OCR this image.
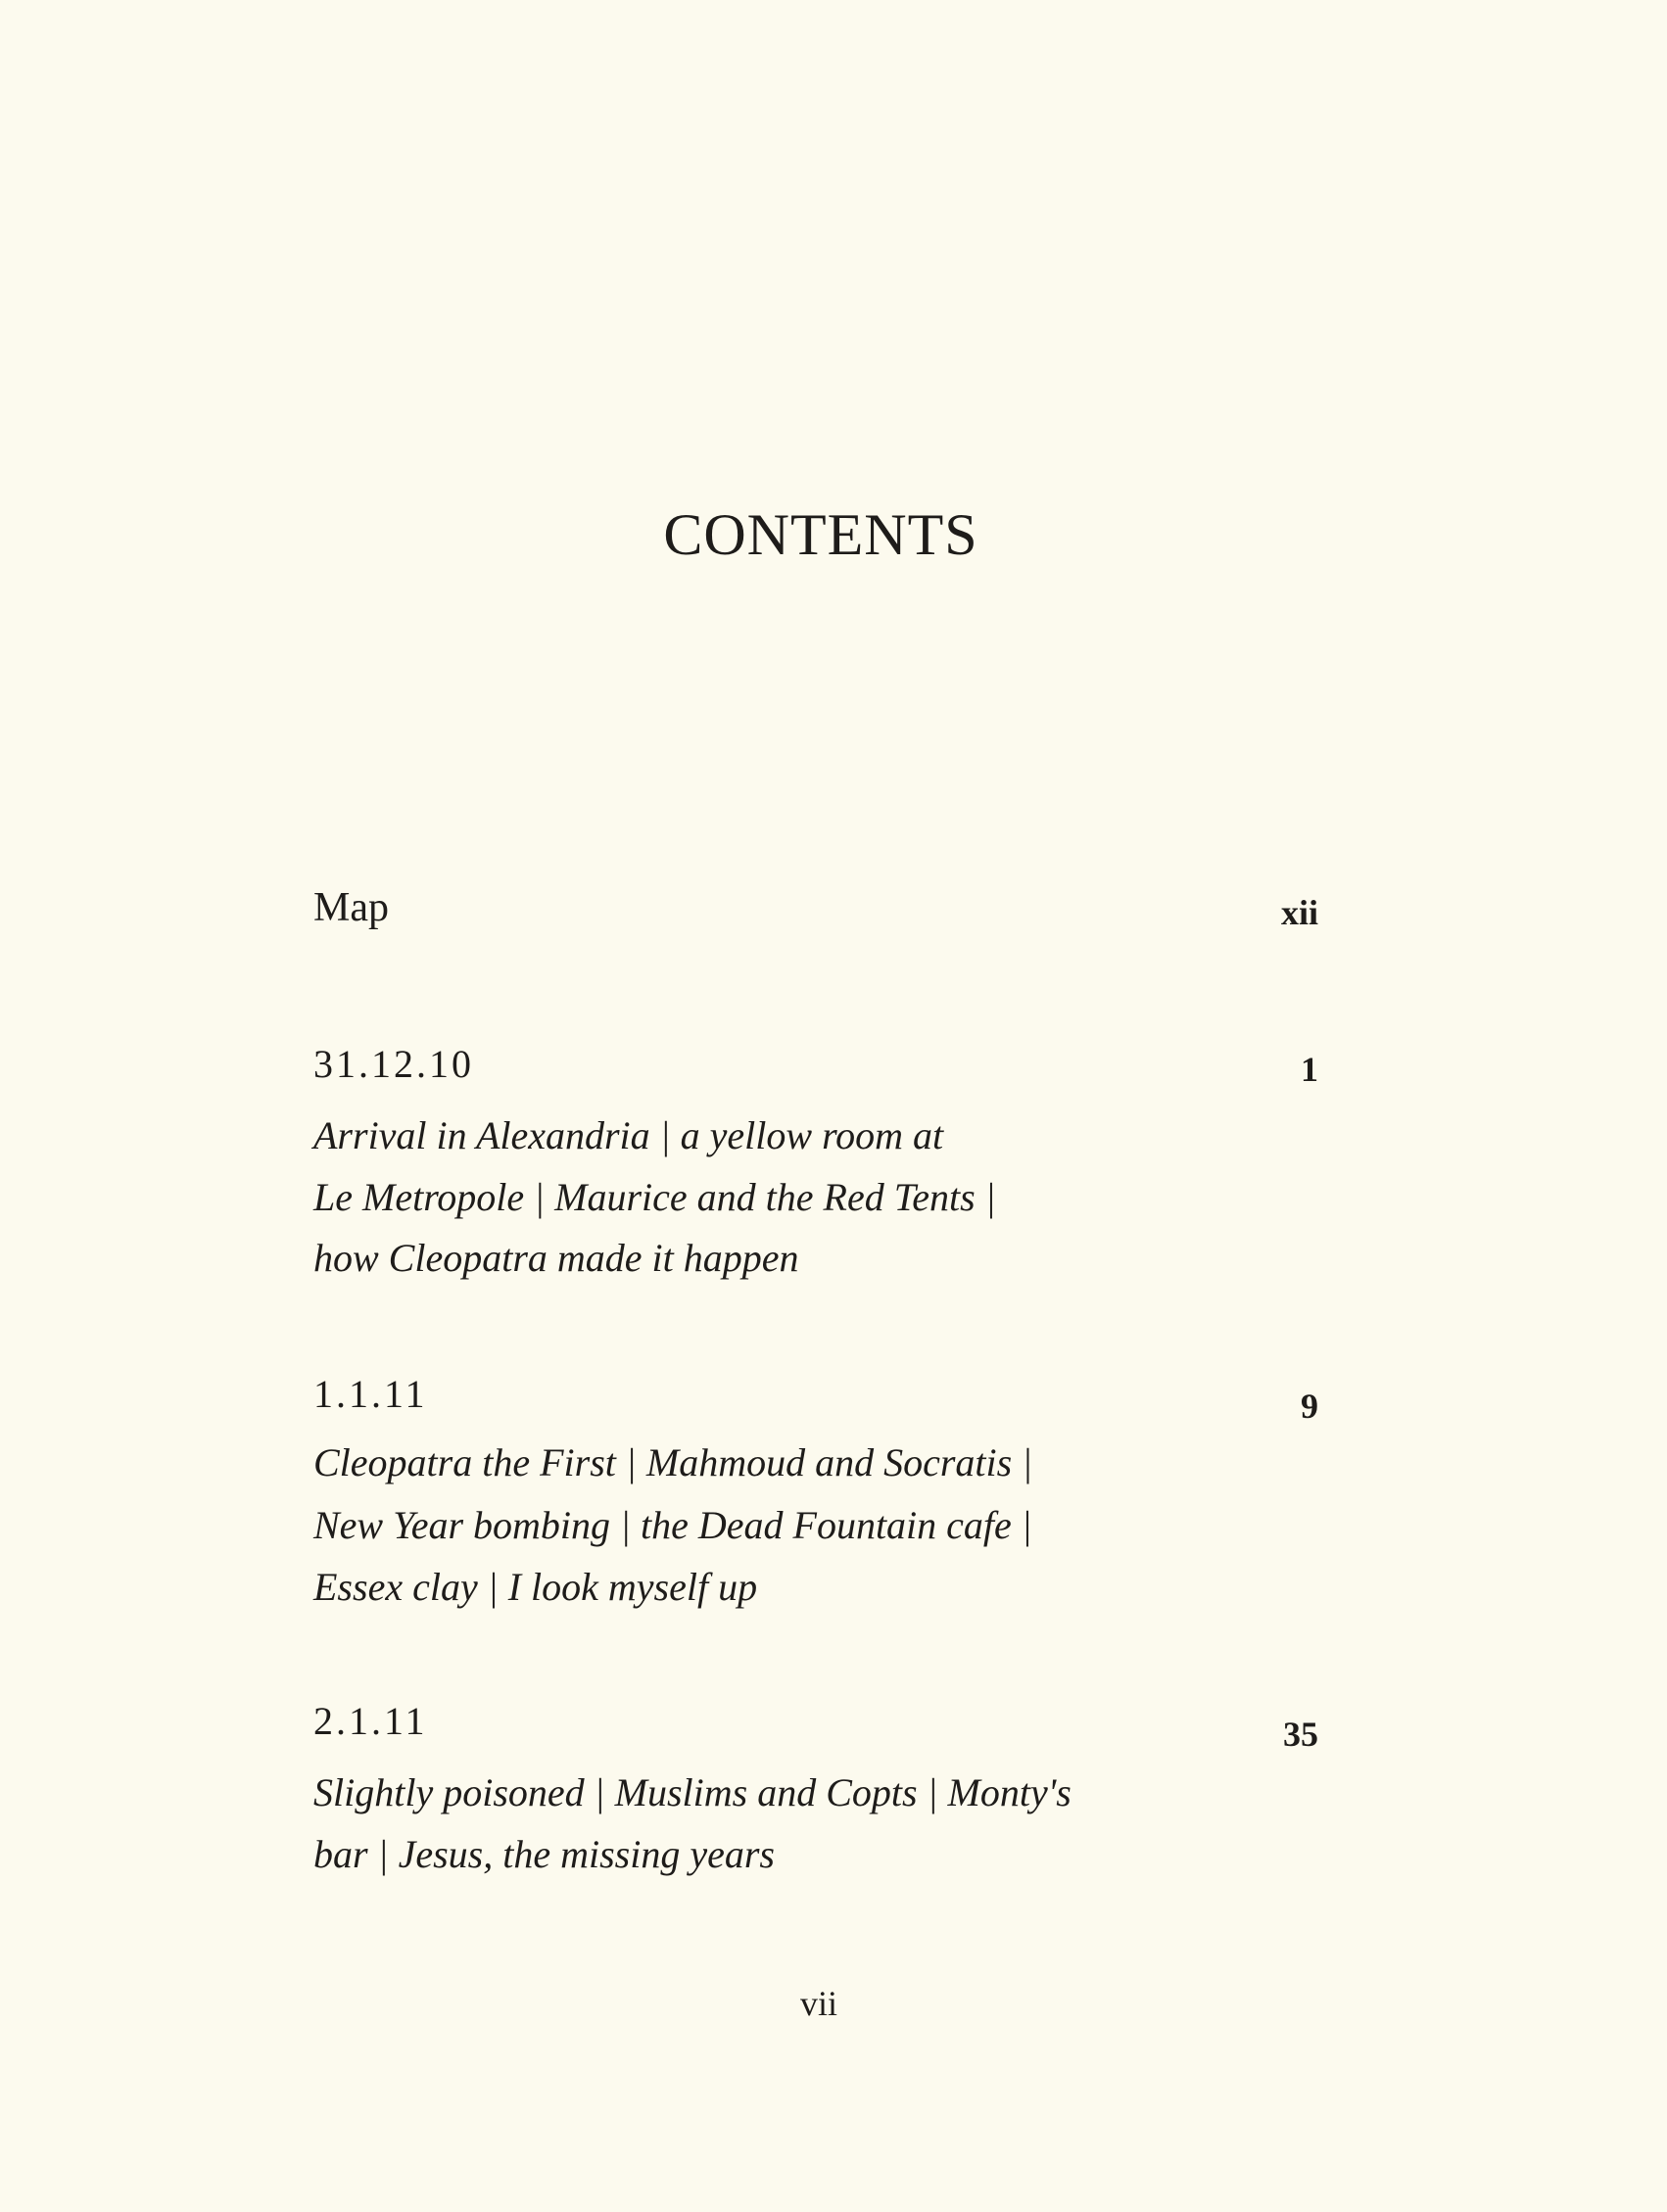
CONTENTS
Map	xii
31.12.10	1
Arrival in Alexandria | a yellow room at
Le Metropole | Maurice and the Red Tents |
how Cleopatra made it happen
1.1.11	9
Cleopatra the First | Mahmoud and Socratis |
New Year bombing | the Dead Fountain cafe |
Essex clay | I look myself up
2.1.11	35
Slightly poisoned | Muslims and Copts | Monty's
bar | Jesus, the missing years
vii
